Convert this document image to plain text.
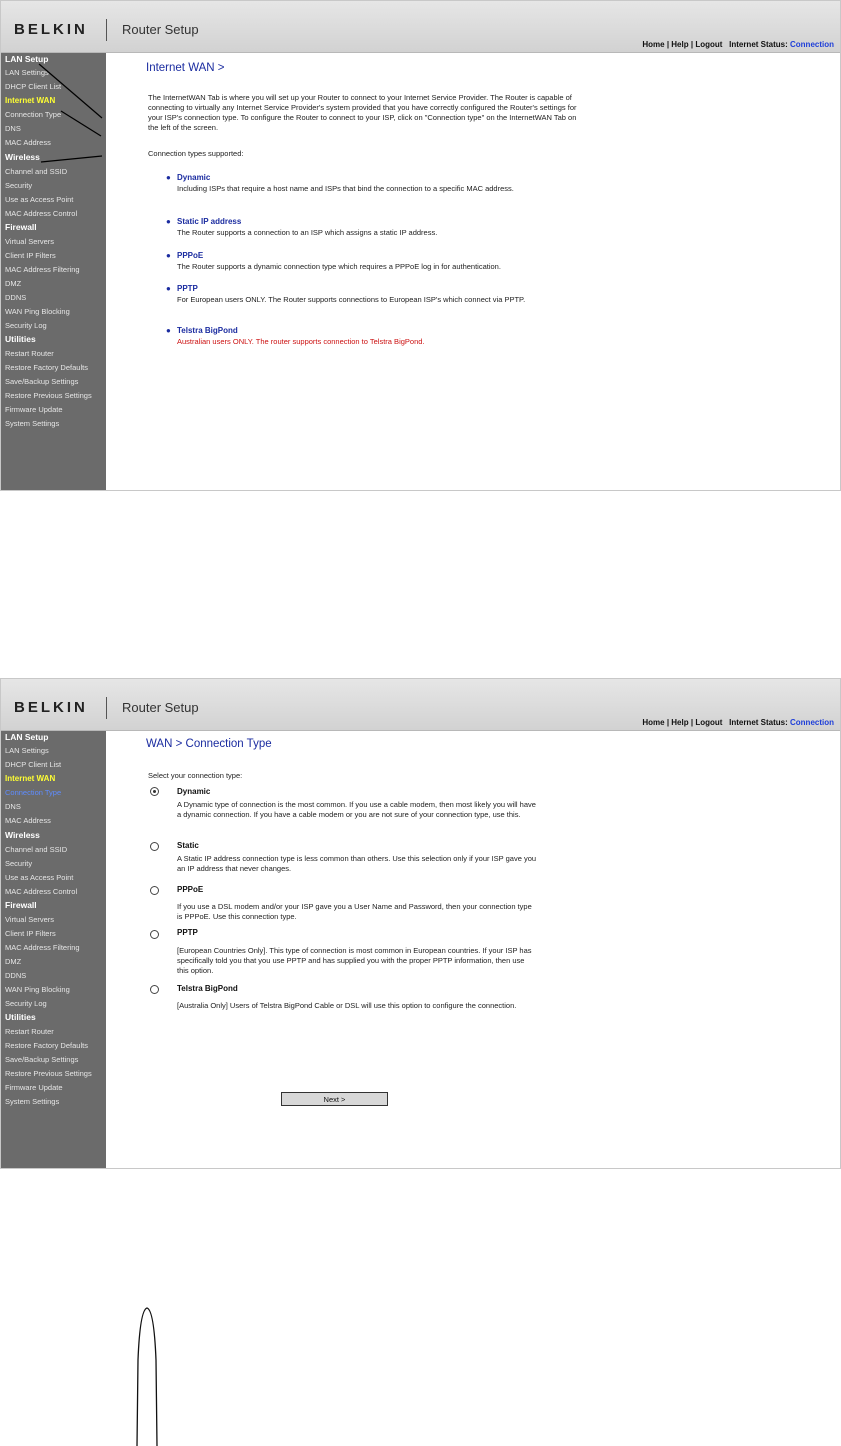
BELKIN	Router Setup
Home | Help | Logout Internet Status: Connection
LAN Setup
LAN Settings
DHCP Client List
Internet WAN
Connection Type
DNS
MAC Address
Wireless
Channel and SSID
Security
Use as Access Point
MAC Address Control
Firewall
Virtual Servers
Client IP Filters
MAC Address Filtering
DMZ
DDNS
WAN Ping Blocking
Security Log
Utilities
Restart Router
Restore Factory Defaults
Save/Backup Settings
Restore Previous Settings
Firmware Update
System Settings
Internet WAN >
The InternetWAN Tab is where you will set up your Router to connect to your Internet Service Provider. The Router is capable of connecting to virtually any Internet Service Provider's system provided that you have correctly configured the Router's settings for your ISP's connection type. To configure the Router to connect to your ISP, click on "Connection type" on the InternetWAN Tab on the left of the screen.
Connection types supported:
● Dynamic
Including ISPs that require a host name and ISPs that bind the connection to a specific MAC address.
● Static IP address
The Router supports a connection to an ISP which assigns a static IP address.
● PPPoE
The Router supports a dynamic connection type which requires a PPPoE log in for authentication.
● PPTP
For European users ONLY. The Router supports connections to European ISP's which connect via PPTP.
● Telstra BigPond
Australian users ONLY. The router supports connection to Telstra BigPond.
BELKIN	Router Setup
Home | Help | Logout Internet Status: Connection
LAN Setup
LAN Settings
DHCP Client List
Internet WAN
Connection Type
DNS
MAC Address
Wireless
Channel and SSID
Security
Use as Access Point
MAC Address Control
Firewall
Virtual Servers
Client IP Filters
MAC Address Filtering
DMZ
DDNS
WAN Ping Blocking
Security Log
Utilities
Restart Router
Restore Factory Defaults
Save/Backup Settings
Restore Previous Settings
Firmware Update
System Settings
WAN > Connection Type
Select your connection type:
Dynamic
A Dynamic type of connection is the most common. If you use a cable modem, then most likely you will have a dynamic connection. If you have a cable modem or you are not sure of your connection type, use this.
Static
A Static IP address connection type is less common than others. Use this selection only if your ISP gave you an IP address that never changes.
PPPoE
If you use a DSL modem and/or your ISP gave you a User Name and Password, then your connection type is PPPoE. Use this connection type.
PPTP
[European Countries Only]. This type of connection is most common in European countries. If your ISP has specifically told you that you use PPTP and has supplied you with the proper PPTP information, then use this option.
Telstra BigPond
[Australia Only] Users of Telstra BigPond Cable or DSL will use this option to configure the connection.
Next >
